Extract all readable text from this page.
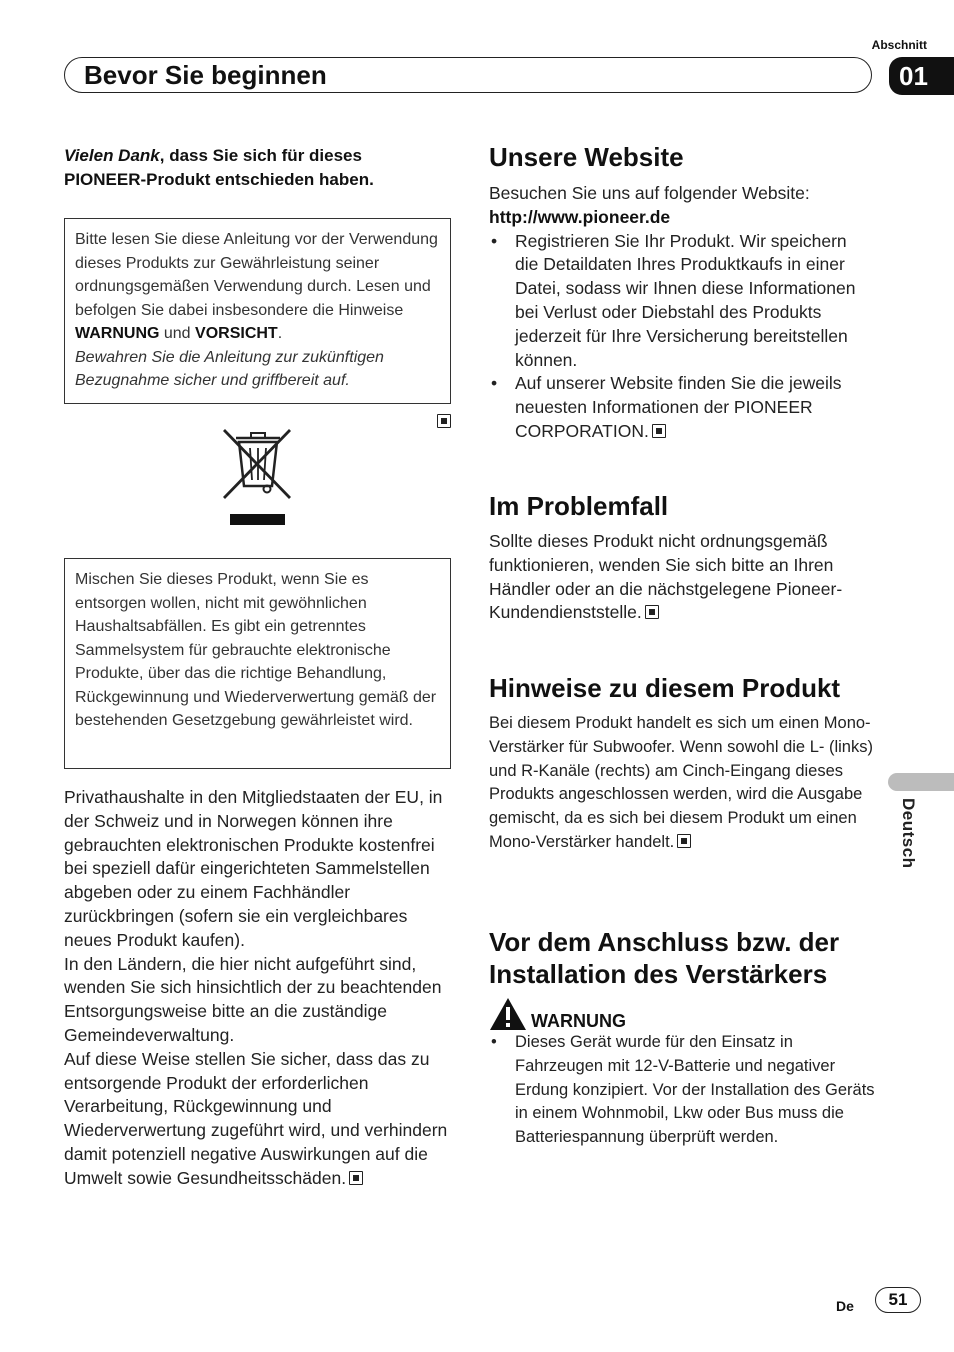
Abschnitt
Bevor Sie beginnen	01
Deutsch
Vielen Dank, dass Sie sich für dieses PIONEER-Produkt entschieden haben.
Bitte lesen Sie diese Anleitung vor der Verwendung dieses Produkts zur Gewährleistung seiner ordnungsgemäßen Verwendung durch. Lesen und befolgen Sie dabei insbesondere die Hinweise WARNUNG und VORSICHT.
Bewahren Sie die Anleitung zur zukünftigen Bezugnahme sicher und griffbereit auf.
Mischen Sie dieses Produkt, wenn Sie es entsorgen wollen, nicht mit gewöhnlichen Haushaltsabfällen. Es gibt ein getrenntes Sammelsystem für gebrauchte elektronische Produkte, über das die richtige Behandlung, Rückgewinnung und Wiederverwertung gemäß der bestehenden Gesetzgebung gewährleistet wird.
Privathaushalte in den Mitgliedstaaten der EU, in der Schweiz und in Norwegen können ihre gebrauchten elektronischen Produkte kostenfrei bei speziell dafür eingerichteten Sammelstellen abgeben oder zu einem Fachhändler zurückbringen (sofern sie ein vergleichbares neues Produkt kaufen).
In den Ländern, die hier nicht aufgeführt sind, wenden Sie sich hinsichtlich der zu beachtenden Entsorgungsweise bitte an die zuständige Gemeindeverwaltung.
Auf diese Weise stellen Sie sicher, dass das zu entsorgende Produkt der erforderlichen Verarbeitung, Rückgewinnung und Wiederverwertung zugeführt wird, und verhindern damit potenziell negative Auswirkungen auf die Umwelt sowie Gesundheitsschäden.
Unsere Website
Besuchen Sie uns auf folgender Website:
http://www.pioneer.de
• Registrieren Sie Ihr Produkt. Wir speichern die Detaildaten Ihres Produktkaufs in einer Datei, sodass wir Ihnen diese Informationen bei Verlust oder Diebstahl des Produkts jederzeit für Ihre Versicherung bereitstellen können.
• Auf unserer Website finden Sie die jeweils neuesten Informationen der PIONEER CORPORATION.
Im Problemfall
Sollte dieses Produkt nicht ordnungsgemäß funktionieren, wenden Sie sich bitte an Ihren Händler oder an die nächstgelegene Pioneer-Kundendienststelle.
Hinweise zu diesem Produkt
Bei diesem Produkt handelt es sich um einen Mono-Verstärker für Subwoofer. Wenn sowohl die L- (links) und R-Kanäle (rechts) am Cinch-Eingang dieses Produkts angeschlossen werden, wird die Ausgabe gemischt, da es sich bei diesem Produkt um einen Mono-Verstärker handelt.
Vor dem Anschluss bzw. der
Installation des Verstärkers
WARNUNG
• Dieses Gerät wurde für den Einsatz in Fahrzeugen mit 12-V-Batterie und negativer Erdung konzipiert. Vor der Installation des Geräts in einem Wohnmobil, Lkw oder Bus muss die Batteriespannung überprüft werden.
De	51
